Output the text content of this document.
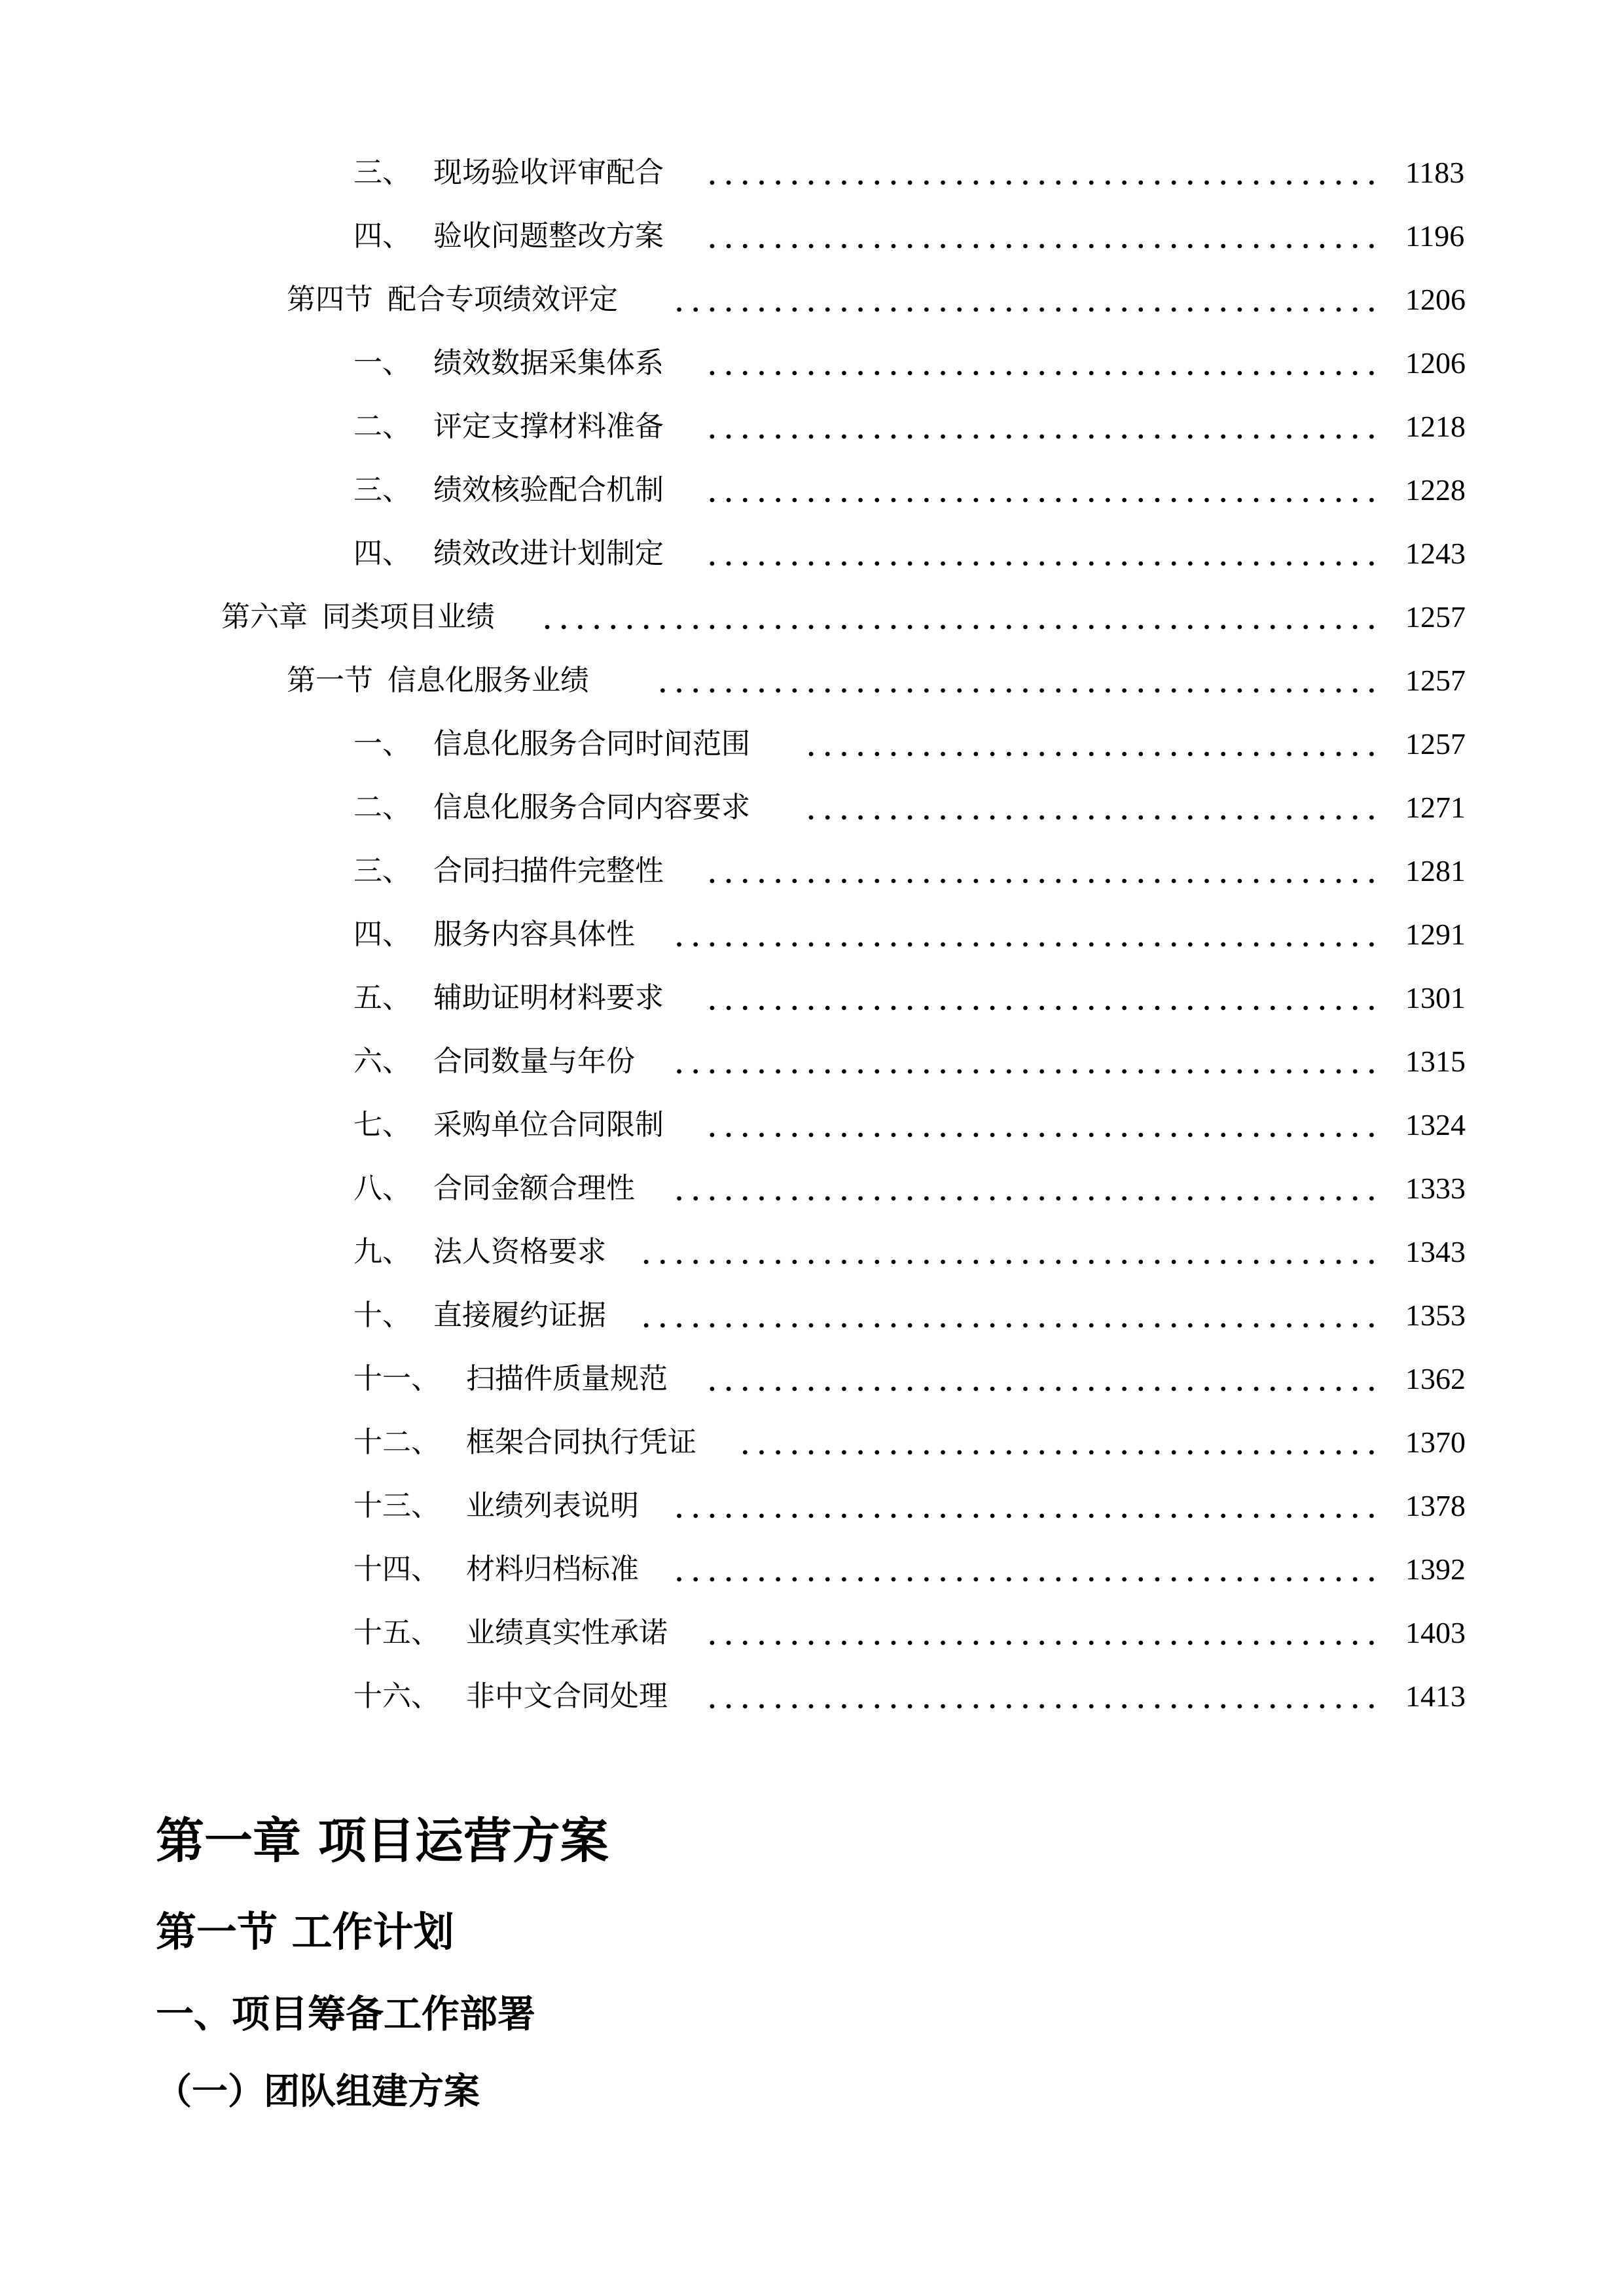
三、 现场验收评审配合	1183
四、 验收问题整改方案	1196
第四节 配合专项绩效评定	1206
一、 绩效数据采集体系	1206
二、 评定支撑材料准备	1218
三、 绩效核验配合机制	1228
四、 绩效改进计划制定	1243
第六章 同类项目业绩	1257
第一节 信息化服务业绩	1257
一、 信息化服务合同时间范围	1257
二、 信息化服务合同内容要求	1271
三、 合同扫描件完整性	1281
四、 服务内容具体性	1291
五、 辅助证明材料要求	1301
六、 合同数量与年份	1315
七、 采购单位合同限制	1324
八、 合同金额合理性	1333
九、 法人资格要求	1343
十、 直接履约证据	1353
十一、 扫描件质量规范	1362
十二、 框架合同执行凭证	1370
十三、 业绩列表说明	1378
十四、 材料归档标准	1392
十五、 业绩真实性承诺	1403
十六、 非中文合同处理	1413
第一章 项目运营方案
第一节 工作计划
一、项目筹备工作部署
（一）团队组建方案
